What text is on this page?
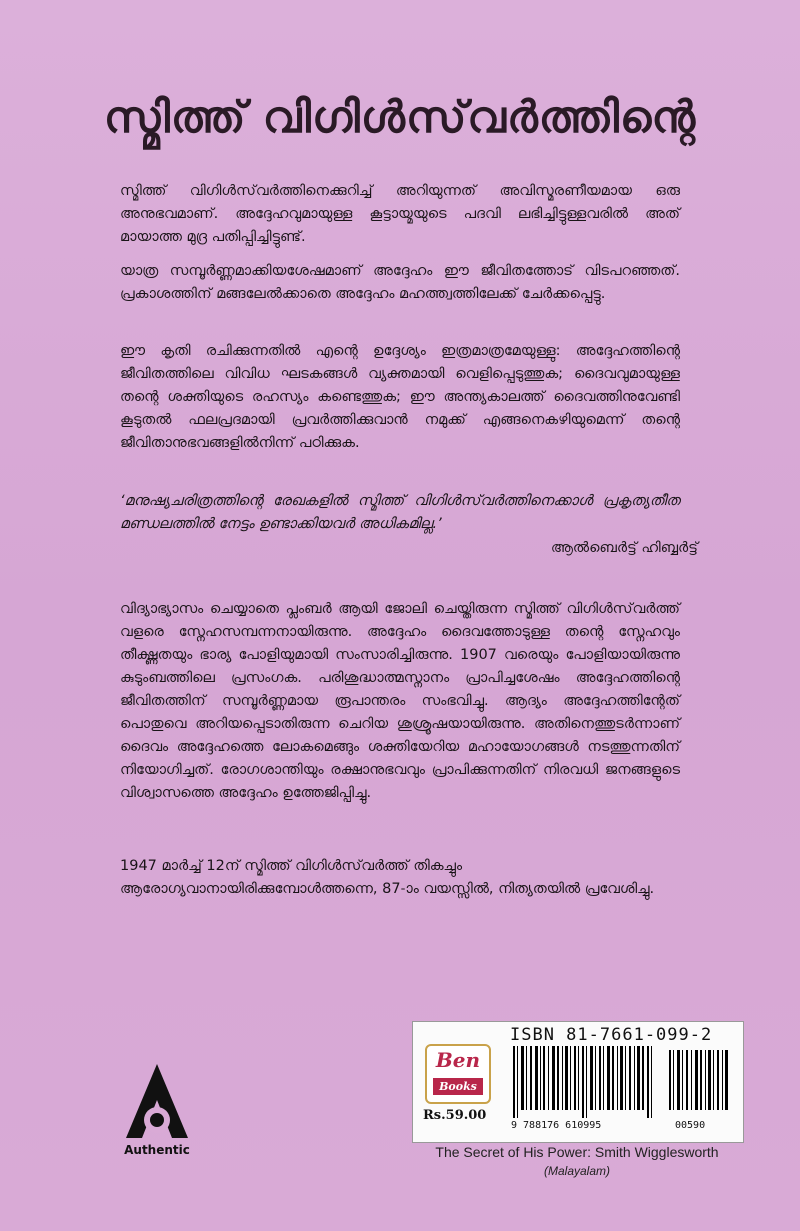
സ്മിത്ത് വിഗിൾസ്‌വർത്തിന്റെ
സ്മിത്ത് വിഗിൾസ്‌വർത്തിനെക്കുറിച്ച് അറിയുന്നത് അവിസ്മരണീയമായ ഒരു അനുഭവമാണ്. അദ്ദേഹവുമായുള്ള കൂട്ടായ്മയുടെ പദവി ലഭിച്ചിട്ടുള്ളവരിൽ അത് മായാത്ത മുദ്ര പതിപ്പിച്ചിട്ടുണ്ട്.
യാത്ര സമ്പൂർണ്ണമാക്കിയശേഷമാണ് അദ്ദേഹം ഈ ജീവിതത്തോട് വിടപറഞ്ഞത്. പ്രകാശത്തിന് മങ്ങലേൽക്കാതെ അദ്ദേഹം മഹത്ത്വത്തിലേക്ക് ചേർക്കപ്പെട്ടു.
ഈ കൃതി രചിക്കുന്നതിൽ എന്റെ ഉദ്ദേശ്യം ഇത്രമാത്രമേയുള്ളു: അദ്ദേഹത്തിന്റെ ജീവിതത്തിലെ വിവിധ ഘടകങ്ങൾ വ്യക്തമായി വെളിപ്പെടുത്തുക; ദൈവവുമായുള്ള തന്റെ ശക്തിയുടെ രഹസ്യം കണ്ടെത്തുക; ഈ അന്ത്യകാലത്ത് ദൈവത്തിനുവേണ്ടി കൂടുതൽ ഫലപ്രദമായി പ്രവർത്തിക്കുവാൻ നമുക്ക് എങ്ങനെകഴിയുമെന്ന് തന്റെ ജീവിതാനുഭവങ്ങളിൽനിന്ന് പഠിക്കുക.
‘മനുഷ്യചരിത്രത്തിന്റെ രേഖകളിൽ സ്മിത്ത് വിഗിൾസ്‌വർത്തിനെക്കാൾ പ്രകൃത്യതീത മണ്ഡലത്തിൽ നേട്ടം ഉണ്ടാക്കിയവർ അധികമില്ല.’
ആൽബെർട്ട് ഹിബ്ബർട്ട്
വിദ്യാഭ്യാസം ചെയ്യാതെ പ്ലംബർ ആയി ജോലി ചെയ്തിരുന്ന സ്മിത്ത് വിഗിൾസ്‌വർത്ത് വളരെ സ്നേഹസമ്പന്നനായിരുന്നു. അദ്ദേഹം ദൈവത്തോടുള്ള തന്റെ സ്നേഹവും തീക്ഷ്ണതയും ഭാര്യ പോളിയുമായി സംസാരിച്ചിരുന്നു. 1907 വരെയും പോളിയായിരുന്നു കുടുംബത്തിലെ പ്രസംഗക. പരിശുദ്ധാത്മസ്നാനം പ്രാപിച്ചശേഷം അദ്ദേഹത്തിന്റെ ജീവിതത്തിന് സമ്പൂർണ്ണമായ രൂപാന്തരം സംഭവിച്ചു. ആദ്യം അദ്ദേഹത്തിന്റേത് പൊതുവെ അറിയപ്പെടാതിരുന്ന ചെറിയ ശുശ്രൂഷയായിരുന്നു. അതിനെത്തുടർന്നാണ് ദൈവം അദ്ദേഹത്തെ ലോകമെങ്ങും ശക്തിയേറിയ മഹായോഗങ്ങൾ നടത്തുന്നതിന് നിയോഗിച്ചത്. രോഗശാന്തിയും രക്ഷാനുഭവവും പ്രാപിക്കുന്നതിന് നിരവധി ജനങ്ങളുടെ വിശ്വാസത്തെ അദ്ദേഹം ഉത്തേജിപ്പിച്ചു.
1947 മാർച്ച് 12ന് സ്മിത്ത് വിഗിൾസ്‌വർത്ത് തികച്ചും ആരോഗ്യവാനായിരിക്കുമ്പോൾത്തന്നെ, 87-ാം വയസ്സിൽ, നിത്യതയിൽ പ്രവേശിച്ചു.
Authentic
ISBN 81-7661-099-2
Ben
Books
Rs.59.00
9 788176 610995	00590
The Secret of His Power: Smith Wigglesworth
(Malayalam)
